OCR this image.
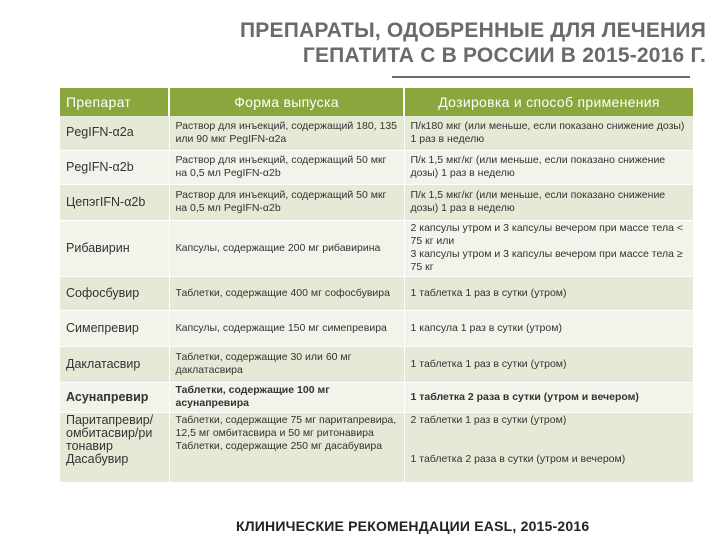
ПРЕПАРАТЫ, ОДОБРЕННЫЕ ДЛЯ ЛЕЧЕНИЯ
ГЕПАТИТА С В РОССИИ В 2015-2016 Г.
Препарат	Форма выпуска	Дозировка и способ применения
PegIFN-α2a	Раствор для инъекций, содержащий 180, 135 или 90 мкг PegIFN-α2a	П/к180 мкг (или меньше, если показано снижение дозы) 1 раз в неделю
PegIFN-α2b	Раствор для инъекций, содержащий 50 мкг на 0,5 мл PegIFN-α2b	П/к 1,5 мкг/кг (или меньше, если показано снижение дозы) 1 раз в неделю
ЦепэгIFN-α2b	Раствор для инъекций, содержащий 50 мкг на 0,5 мл PegIFN-α2b	П/к 1,5 мкг/кг (или меньше, если показано снижение дозы) 1 раз в неделю
Рибавирин	Капсулы, содержащие 200 мг рибавирина	2 капсулы утром и 3 капсулы вечером при массе тела < 75 кг или
3 капсулы утром и 3 капсулы вечером при массе тела ≥ 75 кг

Софосбувир	Таблетки, содержащие 400 мг софосбувира	1 таблетка 1 раз в сутки (утром)
Симепревир	Капсулы, содержащие 150 мг симепревира	1 капсула 1 раз в сутки (утром)
Даклатасвир	Таблетки, содержащие 30 или 60 мг даклатасвира	1 таблетка 1 раз в сутки (утром)
Асунапревир	Таблетки, содержащие 100 мг асунапревира	1 таблетка 2 раза в сутки (утром и вечером)
Паритапревир/ омбитасвир/ри тонавир Дасабувир	Таблетки, содержащие 75 мг паритапревира, 12,5 мг омбитасвира и 50 мг ритонавира Таблетки, содержащие 250 мг дасабувира	2 таблетки 1 раз в сутки (утром)
1 таблетка 2 раза в сутки (утром и вечером)
КЛИНИЧЕСКИЕ РЕКОМЕНДАЦИИ EASL, 2015-2016
